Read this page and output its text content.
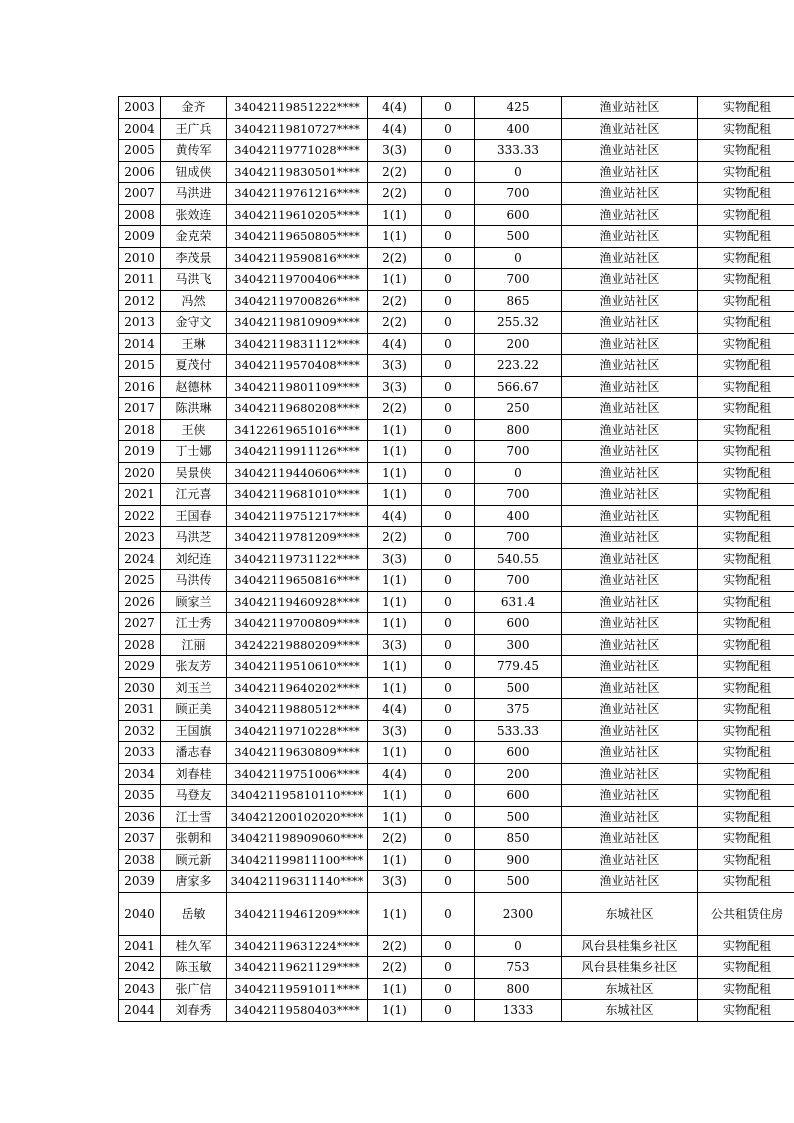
2003	金齐	34042119851222****	4(4)	0	425	渔业站社区	实物配租
2004	王广兵	34042119810727****	4(4)	0	400	渔业站社区	实物配租
2005	黄传军	34042119771028****	3(3)	0	333.33	渔业站社区	实物配租
2006	钮成侠	34042119830501****	2(2)	0	0	渔业站社区	实物配租
2007	马洪进	34042119761216****	2(2)	0	700	渔业站社区	实物配租
2008	张效连	34042119610205****	1(1)	0	600	渔业站社区	实物配租
2009	金克荣	34042119650805****	1(1)	0	500	渔业站社区	实物配租
2010	李茂景	34042119590816****	2(2)	0	0	渔业站社区	实物配租
2011	马洪飞	34042119700406****	1(1)	0	700	渔业站社区	实物配租
2012	冯然	34042119700826****	2(2)	0	865	渔业站社区	实物配租
2013	金守文	34042119810909****	2(2)	0	255.32	渔业站社区	实物配租
2014	王琳	34042119831112****	4(4)	0	200	渔业站社区	实物配租
2015	夏茂付	34042119570408****	3(3)	0	223.22	渔业站社区	实物配租
2016	赵德林	34042119801109****	3(3)	0	566.67	渔业站社区	实物配租
2017	陈洪琳	34042119680208****	2(2)	0	250	渔业站社区	实物配租
2018	王侠	34122619651016****	1(1)	0	800	渔业站社区	实物配租
2019	丁士娜	34042119911126****	1(1)	0	700	渔业站社区	实物配租
2020	吴景侠	34042119440606****	1(1)	0	0	渔业站社区	实物配租
2021	江元喜	34042119681010****	1(1)	0	700	渔业站社区	实物配租
2022	王国春	34042119751217****	4(4)	0	400	渔业站社区	实物配租
2023	马洪芝	34042119781209****	2(2)	0	700	渔业站社区	实物配租
2024	刘纪连	34042119731122****	3(3)	0	540.55	渔业站社区	实物配租
2025	马洪传	34042119650816****	1(1)	0	700	渔业站社区	实物配租
2026	顾家兰	34042119460928****	1(1)	0	631.4	渔业站社区	实物配租
2027	江士秀	34042119700809****	1(1)	0	600	渔业站社区	实物配租
2028	江丽	34242219880209****	3(3)	0	300	渔业站社区	实物配租
2029	张友芳	34042119510610****	1(1)	0	779.45	渔业站社区	实物配租
2030	刘玉兰	34042119640202****	1(1)	0	500	渔业站社区	实物配租
2031	顾正美	34042119880512****	4(4)	0	375	渔业站社区	实物配租
2032	王国旗	34042119710228****	3(3)	0	533.33	渔业站社区	实物配租
2033	潘志春	34042119630809****	1(1)	0	600	渔业站社区	实物配租
2034	刘春桂	34042119751006****	4(4)	0	200	渔业站社区	实物配租
2035	马登友	340421195810110****	1(1)	0	600	渔业站社区	实物配租
2036	江士雪	340421200102020****	1(1)	0	500	渔业站社区	实物配租
2037	张朝和	340421198909060****	2(2)	0	850	渔业站社区	实物配租
2038	顾元新	340421199811100****	1(1)	0	900	渔业站社区	实物配租
2039	唐家多	340421196311140****	3(3)	0	500	渔业站社区	实物配租
2040	岳敏	34042119461209****	1(1)	0	2300	东城社区	公共租赁住房
2041	桂久军	34042119631224****	2(2)	0	0	风台县桂集乡社区	实物配租
2042	陈玉敏	34042119621129****	2(2)	0	753	风台县桂集乡社区	实物配租
2043	张广信	34042119591011****	1(1)	0	800	东城社区	实物配租
2044	刘春秀	34042119580403****	1(1)	0	1333	东城社区	实物配租
